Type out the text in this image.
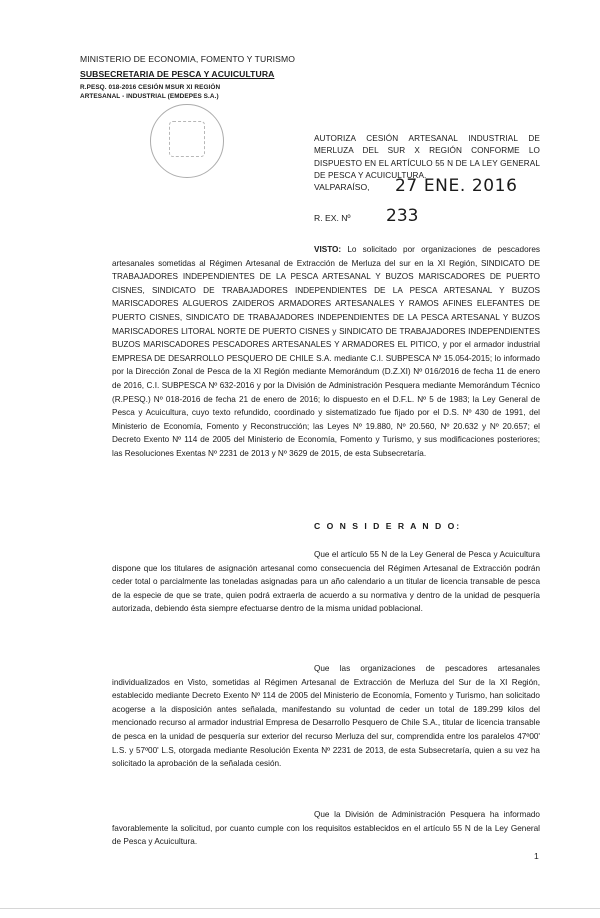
MINISTERIO DE ECONOMIA, FOMENTO Y TURISMO
SUBSECRETARIA DE PESCA Y ACUICULTURA
R.PESQ. 018-2016 CESIÓN MSUR XI REGIÓN
ARTESANAL - INDUSTRIAL (EMDEPES S.A.)
AUTORIZA CESIÓN ARTESANAL INDUSTRIAL DE MERLUZA DEL SUR X REGIÓN CONFORME LO DISPUESTO EN EL ARTÍCULO 55 N DE LA LEY GENERAL DE PESCA Y ACUICULTURA.
VALPARAÍSO, 27 ENE. 2016
R. EX. Nº 233
VISTO: Lo solicitado por organizaciones de pescadores artesanales sometidas al Régimen Artesanal de Extracción de Merluza del sur en la XI Región, SINDICATO DE TRABAJADORES INDEPENDIENTES DE LA PESCA ARTESANAL Y BUZOS MARISCADORES DE PUERTO CISNES, SINDICATO DE TRABAJADORES INDEPENDIENTES DE LA PESCA ARTESANAL Y BUZOS MARISCADORES ALGUEROS ZAIDEROS ARMADORES ARTESANALES Y RAMOS AFINES ELEFANTES DE PUERTO CISNES, SINDICATO DE TRABAJADORES INDEPENDIENTES DE LA PESCA ARTESANAL Y BUZOS MARISCADORES LITORAL NORTE DE PUERTO CISNES y SINDICATO DE TRABAJADORES INDEPENDIENTES BUZOS MARISCADORES PESCADORES ARTESANALES Y ARMADORES EL PITICO, y por el armador industrial EMPRESA DE DESARROLLO PESQUERO DE CHILE S.A. mediante C.I. SUBPESCA Nº 15.054-2015; lo informado por la Dirección Zonal de Pesca de la XI Región mediante Memorándum (D.Z.XI) Nº 016/2016 de fecha 11 de enero de 2016, C.I. SUBPESCA Nº 632-2016 y por la División de Administración Pesquera mediante Memorándum Técnico (R.PESQ.) Nº 018-2016 de fecha 21 de enero de 2016; lo dispuesto en el D.F.L. Nº 5 de 1983; la Ley General de Pesca y Acuicultura, cuyo texto refundido, coordinado y sistematizado fue fijado por el D.S. Nº 430 de 1991, del Ministerio de Economía, Fomento y Reconstrucción; las Leyes Nº 19.880, Nº 20.560, Nº 20.632 y Nº 20.657; el Decreto Exento Nº 114 de 2005 del Ministerio de Economía, Fomento y Turismo, y sus modificaciones posteriores; las Resoluciones Exentas Nº 2231 de 2013 y Nº 3629 de 2015, de esta Subsecretaría.
C O N S I D E R A N D O:
Que el artículo 55 N de la Ley General de Pesca y Acuicultura dispone que los titulares de asignación artesanal como consecuencia del Régimen Artesanal de Extracción podrán ceder total o parcialmente las toneladas asignadas para un año calendario a un titular de licencia transable de pesca de la especie de que se trate, quien podrá extraerla de acuerdo a su normativa y dentro de la unidad de pesquería autorizada, debiendo ésta siempre efectuarse dentro de la misma unidad poblacional.
Que las organizaciones de pescadores artesanales individualizados en Visto, sometidas al Régimen Artesanal de Extracción de Merluza del Sur de la XI Región, establecido mediante Decreto Exento Nº 114 de 2005 del Ministerio de Economía, Fomento y Turismo, han solicitado acogerse a la disposición antes señalada, manifestando su voluntad de ceder un total de 189.299 kilos del mencionado recurso al armador industrial Empresa de Desarrollo Pesquero de Chile S.A., titular de licencia transable de pesca en la unidad de pesquería sur exterior del recurso Merluza del sur, comprendida entre los paralelos 47º00' L.S. y 57º00' L.S, otorgada mediante Resolución Exenta Nº 2231 de 2013, de esta Subsecretaría, quien a su vez ha solicitado la aprobación de la señalada cesión.
Que la División de Administración Pesquera ha informado favorablemente la solicitud, por cuanto cumple con los requisitos establecidos en el artículo 55 N de la Ley General de Pesca y Acuicultura.
1
